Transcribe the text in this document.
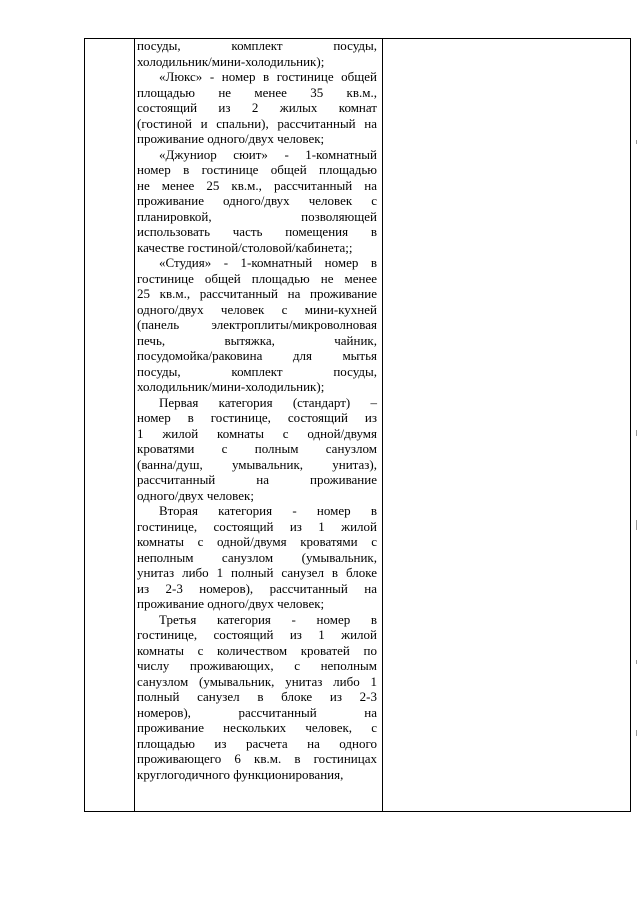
посуды, комплект посуды,
холодильник/мини-холодильник);
«Люкс» - номер в гостинице общей
площадью не менее 35 кв.м.,
состоящий из 2 жилых комнат
(гостиной и спальни), рассчитанный на
проживание одного/двух человек;
«Джуниор сюит» - 1-комнатный
номер в гостинице общей площадью
не менее 25 кв.м., рассчитанный на
проживание одного/двух человек с
планировкой, позволяющей
использовать часть помещения в
качестве гостиной/столовой/кабинета;;
«Студия» - 1-комнатный номер в
гостинице общей площадью не менее
25 кв.м., рассчитанный на проживание
одного/двух человек с мини-кухней
(панель электроплиты/микроволновая
печь, вытяжка, чайник,
посудомойка/раковина для мытья
посуды, комплект посуды,
холодильник/мини-холодильник);
Первая категория (стандарт) –
номер в гостинице, состоящий из
1 жилой комнаты с одной/двумя
кроватями с полным санузлом
(ванна/душ, умывальник, унитаз),
рассчитанный на проживание
одного/двух человек;
Вторая категория - номер в
гостинице, состоящий из 1 жилой
комнаты с одной/двумя кроватями с
неполным санузлом (умывальник,
унитаз либо 1 полный санузел в блоке
из 2-3 номеров), рассчитанный на
проживание одного/двух человек;
Третья категория - номер в
гостинице, состоящий из 1 жилой
комнаты с количеством кроватей по
числу проживающих, с неполным
санузлом (умывальник, унитаз либо 1
полный санузел в блоке из 2-3
номеров), рассчитанный на
проживание нескольких человек, с
площадью из расчета на одного
проживающего 6 кв.м. в гостиницах
круглогодичного функционирования,
